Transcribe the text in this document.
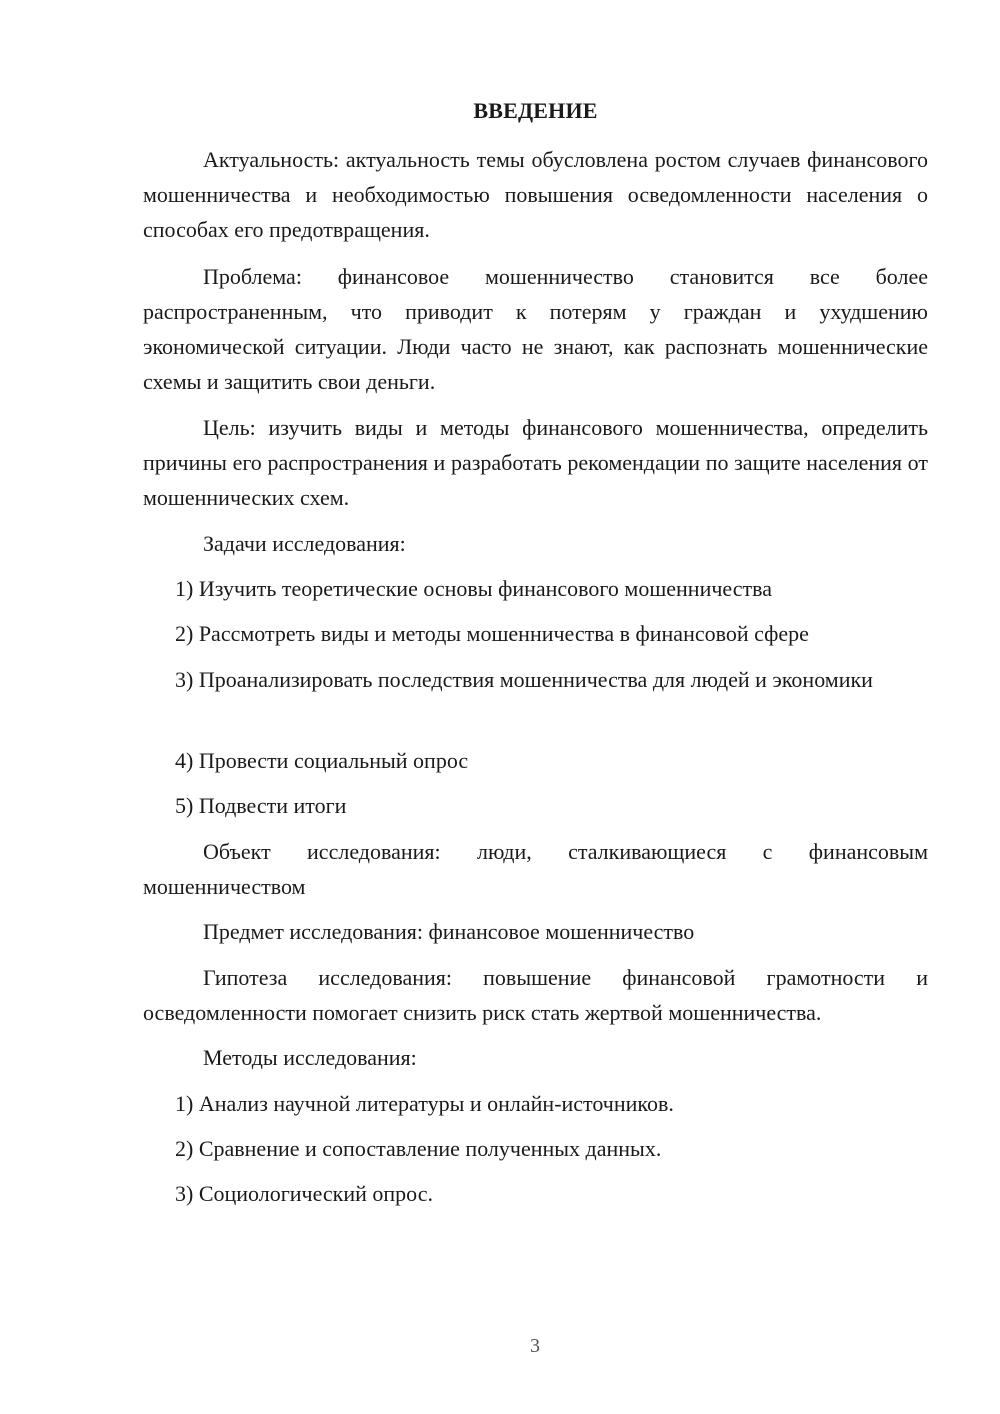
ВВЕДЕНИЕ

Актуальность: актуальность темы обусловлена ростом случаев финансового мошенничества и необходимостью повышения осведомленности населения о способах его предотвращения.

Проблема: финансовое мошенничество становится все более распространенным, что приводит к потерям у граждан и ухудшению экономической ситуации. Люди часто не знают, как распознать мошеннические схемы и защитить свои деньги.

Цель: изучить виды и методы финансового мошенничества, определить причины его распространения и разработать рекомендации по защите населения от мошеннических схем.

Задачи исследования:

1) Изучить теоретические основы финансового мошенничества

2) Рассмотреть виды и методы мошенничества в финансовой сфере

3) Проанализировать последствия мошенничества для людей и экономики

4) Провести социальный опрос

5) Подвести итоги

Объект исследования: люди, сталкивающиеся с финансовым мошенничеством

Предмет исследования: финансовое мошенничество

Гипотеза исследования: повышение финансовой грамотности и осведомленности помогает снизить риск стать жертвой мошенничества.

Методы исследования:

1) Анализ научной литературы и онлайн-источников.

2) Сравнение и сопоставление полученных данных.

3) Социологический опрос.

3
